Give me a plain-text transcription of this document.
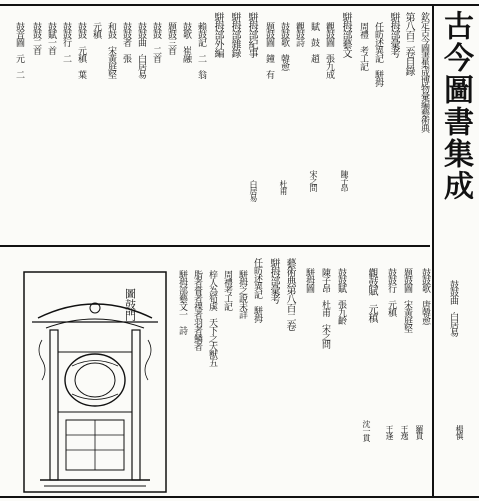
古今圖書集成
欽定古今圖書集成博物彙編藝術典
第八百二卷目錄
駢拇部彙考
任昉述異記　駢拇
周禮　考工記
駢拇部藝文
觀鼓圖　張九成
賦　鼓　趙
觀鼓詩
鼓鼓歌　韓愈
題鼓圖　鐘　有
駢拇部紀事
駢拇部雜錄
駢拇部外編
賴鼓記　二　翁
鼓歌　崔融
題鼓三首
鼓鼓　二首
鼓鼓曲　白居易
鼓鼓者　張
和鼓　宋黃庭堅
元稹
鼓鼓　元稹　葉
鼓鼓行　二
鼓賦一首
鼓鼓二首
鼓音圖　元　二
陳子昂
宋之問
杜甫
白居易
鼓鼓曲　白居易
楊慎
羅貫
王逸
王逢
沈一貫
鼓鼓歌　唐韓愈
題鼓圖　宋黃庭堅
鼓鼓行　元稹
觀鼓賦　元稹
鼓鼓賦　張九齡
陳子昂　杜甫　宋之問
駢拇圖
藝術典第八百二卷
駢拇部彙考
任昉述異記　駢拇
駢拇之說未詳
周禮考工記
梓人為筍虡　天下之大獸五
脂者膏者裸者羽者鱗者
駢拇部藝文一　詩
圖鼓門
